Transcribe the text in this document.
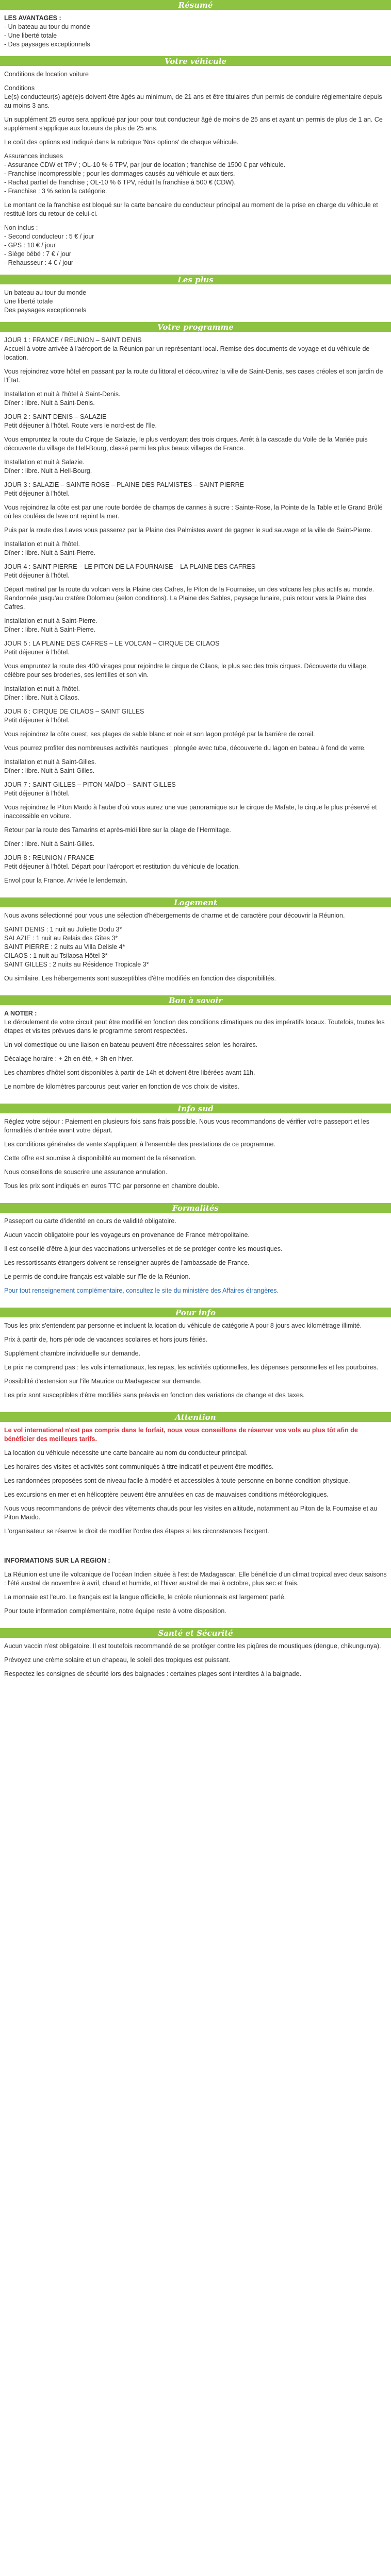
Résumé
LES AVANTAGES :
- Un bateau au tour du monde
- Une liberté totale
- Des paysages exceptionnels
Votre véhicule

Conditions de location voiture

Conditions

Le(s) conducteur(s) agé(e)s doivent être âgés au minimum, de 21 ans et être titulaires d'un permis de conduire réglementaire depuis au moins 3 ans.

Un supplément 25 euros sera appliqué par jour pour tout conducteur âgé de moins de 25 ans et ayant un permis de plus de 1 an. Ce supplément s'applique aux loueurs de plus de 25 ans.

Le coût des options est indiqué dans la rubrique 'Nos options' de chaque véhicule.

Assurances incluses
- Assurance CDW et TPV ; OL-10 % 6 TPV, par jour de location ; franchise de 1500 € par véhicule.
- Franchise incompressible ; pour les dommages causés au véhicule et aux tiers.
- Rachat partiel de franchise ; OL-10 % 6 TPV, réduit la franchise à 500 € (CDW).
- Franchise : 3 % selon la catégorie.

Le montant de la franchise est bloqué sur la carte bancaire du conducteur principal au moment de la prise en charge du véhicule et restitué lors du retour de celui-ci.

Non inclus :
- Second conducteur : 5 € / jour
- GPS : 10 € / jour
- Siège bébé : 7 € / jour
- Rehausseur : 4 € / jour
Les plus
Un bateau au tour du monde
Une liberté totale
Des paysages exceptionnels
Votre programme
JOUR 1 : FRANCE / REUNION – SAINT DENIS

Accueil à votre arrivée à l'aéroport de la Réunion par un représentant local. Remise des documents de voyage et du véhicule de location.

Vous rejoindrez votre hôtel en passant par la route du littoral et découvrirez la ville de Saint-Denis, ses cases créoles et son jardin de l'État.

Installation et nuit à l'hôtel à Saint-Denis.
Dîner : libre. Nuit à Saint-Denis.
JOUR 2 : SAINT DENIS – SALAZIE

Petit déjeuner à l'hôtel. Route vers le nord-est de l'île.

Vous empruntez la route du Cirque de Salazie, le plus verdoyant des trois cirques. Arrêt à la cascade du Voile de la Mariée puis découverte du village de Hell-Bourg, classé parmi les plus beaux villages de France.

Installation et nuit à Salazie.
Dîner : libre. Nuit à Hell-Bourg.
JOUR 3 : SALAZIE – SAINTE ROSE – PLAINE DES PALMISTES – SAINT PIERRE

Petit déjeuner à l'hôtel.

Vous rejoindrez la côte est par une route bordée de champs de cannes à sucre : Sainte-Rose, la Pointe de la Table et le Grand Brûlé où les coulées de lave ont rejoint la mer.

Puis par la route des Laves vous passerez par la Plaine des Palmistes avant de gagner le sud sauvage et la ville de Saint-Pierre.

Installation et nuit à l'hôtel.
Dîner : libre. Nuit à Saint-Pierre.
JOUR 4 : SAINT PIERRE – LE PITON DE LA FOURNAISE – LA PLAINE DES CAFRES

Petit déjeuner à l'hôtel.

Départ matinal par la route du volcan vers la Plaine des Cafres, le Piton de la Fournaise, un des volcans les plus actifs au monde. Randonnée jusqu'au cratère Dolomieu (selon conditions). La Plaine des Sables, paysage lunaire, puis retour vers la Plaine des Cafres.

Installation et nuit à Saint-Pierre.
Dîner : libre. Nuit à Saint-Pierre.
JOUR 5 : LA PLAINE DES CAFRES – LE VOLCAN – CIRQUE DE CILAOS

Petit déjeuner à l'hôtel.

Vous empruntez la route des 400 virages pour rejoindre le cirque de Cilaos, le plus sec des trois cirques. Découverte du village, célèbre pour ses broderies, ses lentilles et son vin.

Installation et nuit à l'hôtel.
Dîner : libre. Nuit à Cilaos.
JOUR 6 : CIRQUE DE CILAOS – SAINT GILLES

Petit déjeuner à l'hôtel.

Vous rejoindrez la côte ouest, ses plages de sable blanc et noir et son lagon protégé par la barrière de corail.

Vous pourrez profiter des nombreuses activités nautiques : plongée avec tuba, découverte du lagon en bateau à fond de verre.

Installation et nuit à Saint-Gilles.
Dîner : libre. Nuit à Saint-Gilles.
JOUR 7 : SAINT GILLES – PITON MAÏDO – SAINT GILLES

Petit déjeuner à l'hôtel.

Vous rejoindrez le Piton Maïdo à l'aube d'où vous aurez une vue panoramique sur le cirque de Mafate, le cirque le plus préservé et inaccessible en voiture.

Retour par la route des Tamarins et après-midi libre sur la plage de l'Hermitage.

Dîner : libre. Nuit à Saint-Gilles.
JOUR 8 : REUNION / FRANCE

Petit déjeuner à l'hôtel. Départ pour l'aéroport et restitution du véhicule de location.

Envol pour la France. Arrivée le lendemain.

Logement

Nous avons sélectionné pour vous une sélection d'hébergements de charme et de caractère pour découvrir la Réunion.

SAINT DENIS : 1 nuit au Juliette Dodu 3*
SALAZIE : 1 nuit au Relais des Gîtes 3*
SAINT PIERRE : 2 nuits au Villa Delisle 4*
CILAOS : 1 nuit au Tsilaosa Hôtel 3*
SAINT GILLES : 2 nuits au Résidence Tropicale 3*

Ou similaire. Les hébergements sont susceptibles d'être modifiés en fonction des disponibilités.

Bon à savoir
A NOTER :

Le déroulement de votre circuit peut être modifié en fonction des conditions climatiques ou des impératifs locaux. Toutefois, toutes les étapes et visites prévues dans le programme seront respectées.

Un vol domestique ou une liaison en bateau peuvent être nécessaires selon les horaires.

Décalage horaire : + 2h en été, + 3h en hiver.

Les chambres d'hôtel sont disponibles à partir de 14h et doivent être libérées avant 11h.

Le nombre de kilomètres parcourus peut varier en fonction de vos choix de visites.

Info sud

Réglez votre séjour : Paiement en plusieurs fois sans frais possible. Nous vous recommandons de vérifier votre passeport et les formalités d'entrée avant votre départ.

Les conditions générales de vente s'appliquent à l'ensemble des prestations de ce programme.

Cette offre est soumise à disponibilité au moment de la réservation.

Nous conseillons de souscrire une assurance annulation.

Tous les prix sont indiqués en euros TTC par personne en chambre double.

Formalités

Passeport ou carte d'identité en cours de validité obligatoire.

Aucun vaccin obligatoire pour les voyageurs en provenance de France métropolitaine.

Il est conseillé d'être à jour des vaccinations universelles et de se protéger contre les moustiques.

Les ressortissants étrangers doivent se renseigner auprès de l'ambassade de France.

Le permis de conduire français est valable sur l'île de la Réunion.

Pour tout renseignement complémentaire, consultez le site du ministère des Affaires étrangères.

Pour info

Tous les prix s'entendent par personne et incluent la location du véhicule de catégorie A pour 8 jours avec kilométrage illimité.

Prix à partir de, hors période de vacances scolaires et hors jours fériés.

Supplément chambre individuelle sur demande.

Le prix ne comprend pas : les vols internationaux, les repas, les activités optionnelles, les dépenses personnelles et les pourboires.

Possibilité d'extension sur l'île Maurice ou Madagascar sur demande.

Les prix sont susceptibles d'être modifiés sans préavis en fonction des variations de change et des taxes.

Attention

Le vol international n'est pas compris dans le forfait, nous vous conseillons de réserver vos vols au plus tôt afin de bénéficier des meilleurs tarifs.

La location du véhicule nécessite une carte bancaire au nom du conducteur principal.

Les horaires des visites et activités sont communiqués à titre indicatif et peuvent être modifiés.

Les randonnées proposées sont de niveau facile à modéré et accessibles à toute personne en bonne condition physique.

Les excursions en mer et en hélicoptère peuvent être annulées en cas de mauvaises conditions météorologiques.

Nous vous recommandons de prévoir des vêtements chauds pour les visites en altitude, notamment au Piton de la Fournaise et au Piton Maïdo.

L'organisateur se réserve le droit de modifier l'ordre des étapes si les circonstances l'exigent.

INFORMATIONS SUR LA REGION :

La Réunion est une île volcanique de l'océan Indien située à l'est de Madagascar. Elle bénéficie d'un climat tropical avec deux saisons : l'été austral de novembre à avril, chaud et humide, et l'hiver austral de mai à octobre, plus sec et frais.

La monnaie est l'euro. Le français est la langue officielle, le créole réunionnais est largement parlé.

Pour toute information complémentaire, notre équipe reste à votre disposition.

Santé et Sécurité

Aucun vaccin n'est obligatoire. Il est toutefois recommandé de se protéger contre les piqûres de moustiques (dengue, chikungunya).

Prévoyez une crème solaire et un chapeau, le soleil des tropiques est puissant.

Respectez les consignes de sécurité lors des baignades : certaines plages sont interdites à la baignade.
